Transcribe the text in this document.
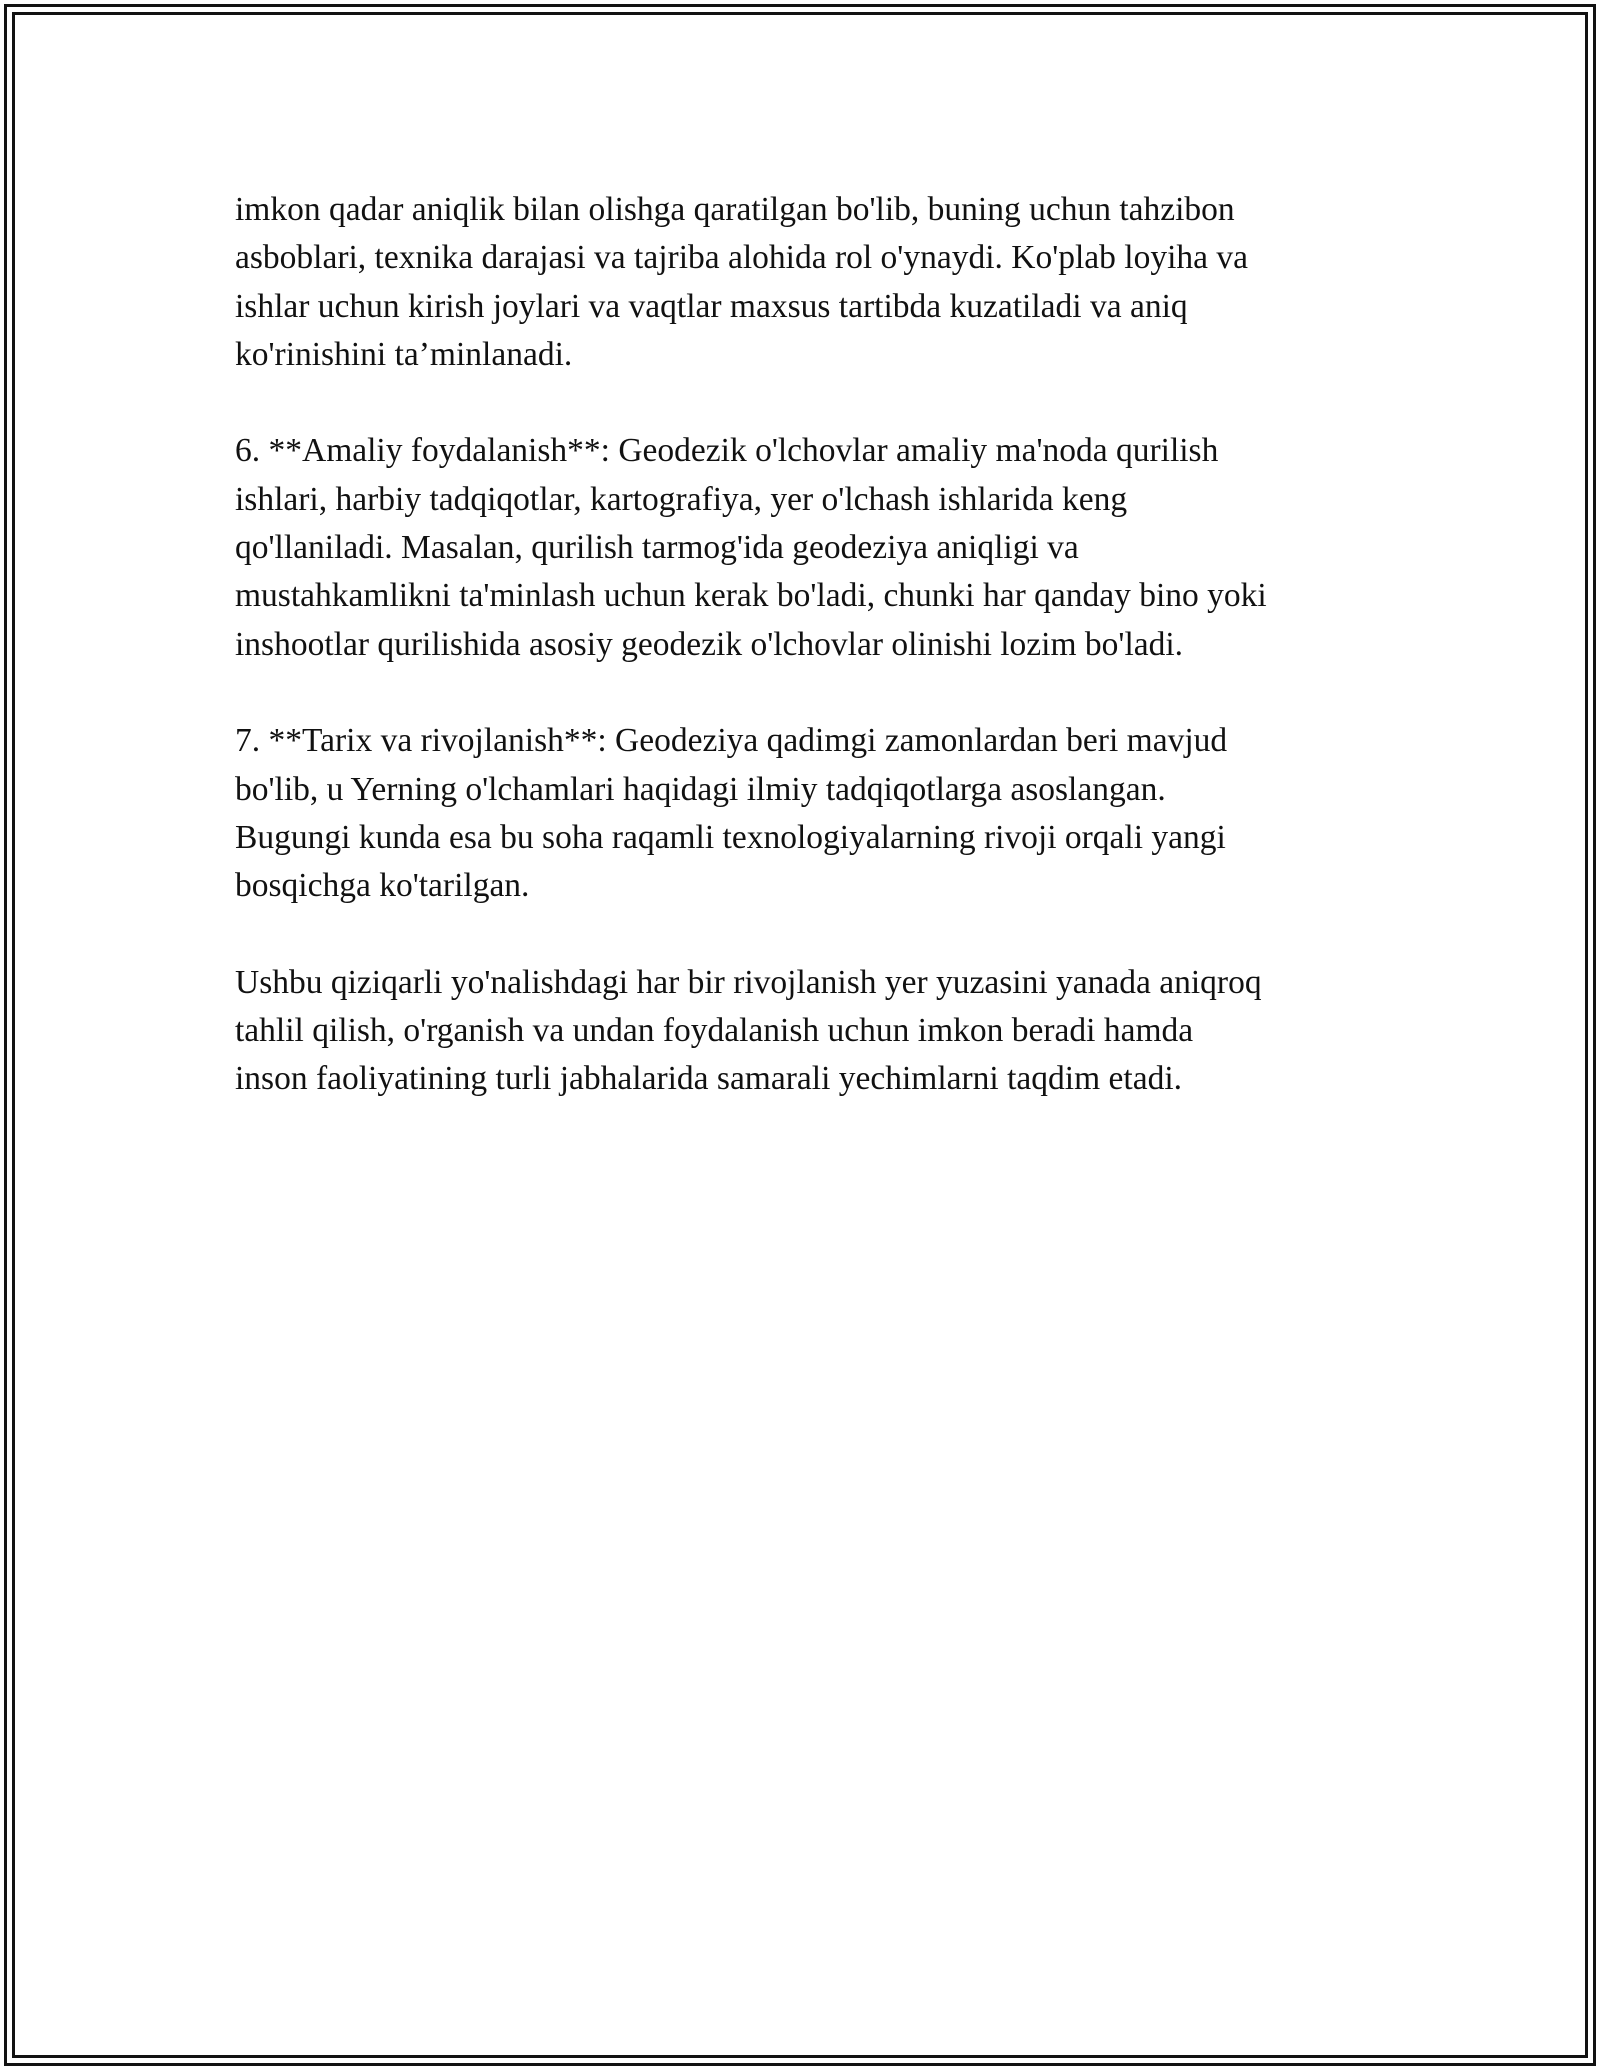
imkon qadar aniqlik bilan olishga qaratilgan bo'lib, buning uchun tahzibon
asboblari, texnika darajasi va tajriba alohida rol o'ynaydi. Ko'plab loyiha va
ishlar uchun kirish joylari va vaqtlar maxsus tartibda kuzatiladi va aniq
ko'rinishini ta’minlanadi.

6. **Amaliy foydalanish**: Geodezik o'lchovlar amaliy ma'noda qurilish
ishlari, harbiy tadqiqotlar, kartografiya, yer o'lchash ishlarida keng
qo'llaniladi. Masalan, qurilish tarmog'ida geodeziya aniqligi va
mustahkamlikni ta'minlash uchun kerak bo'ladi, chunki har qanday bino yoki
inshootlar qurilishida asosiy geodezik o'lchovlar olinishi lozim bo'ladi.

7. **Tarix va rivojlanish**: Geodeziya qadimgi zamonlardan beri mavjud
bo'lib, u Yerning o'lchamlari haqidagi ilmiy tadqiqotlarga asoslangan.
Bugungi kunda esa bu soha raqamli texnologiyalarning rivoji orqali yangi
bosqichga ko'tarilgan.

Ushbu qiziqarli yo'nalishdagi har bir rivojlanish yer yuzasini yanada aniqroq
tahlil qilish, o'rganish va undan foydalanish uchun imkon beradi hamda
inson faoliyatining turli jabhalarida samarali yechimlarni taqdim etadi.
